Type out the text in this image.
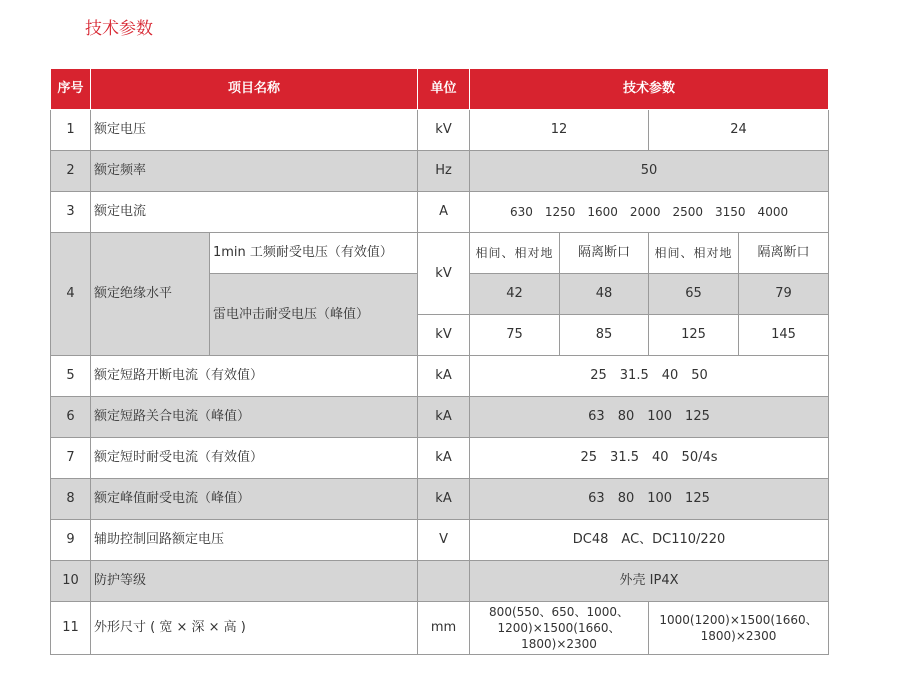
技术参数
序号	项目名称		单位	技术参数			
1	额定电压		kV	12		24	
2	额定频率		Hz	50			
3	额定电流		A	630　1250　1600　2000　2500　3150　4000			
4	额定绝缘水平	1min 工频耐受电压（有效值）	kV	相间、相对地	隔离断口	相间、相对地	隔离断口
		雷电冲击耐受电压（峰值）		42	48	65	79
			kV	75	85	125	145
5	额定短路开断电流（有效值）		kA	25　31.5　40　50			
6	额定短路关合电流（峰值）		kA	63　80　100　125			
7	额定短时耐受电流（有效值）		kA	25　31.5　40　50/4s			
8	额定峰值耐受电流（峰值）		kA	63　80　100　125			
9	辅助控制回路额定电压		V	DC48　AC、DC110/220			
10	防护等级			外壳 IP4X			
11	外形尺寸 ( 宽 × 深 × 高 )		mm	800(550、650、1000、1200)×1500(1660、1800)×2300		1000(1200)×1500(1660、1800)×2300	
